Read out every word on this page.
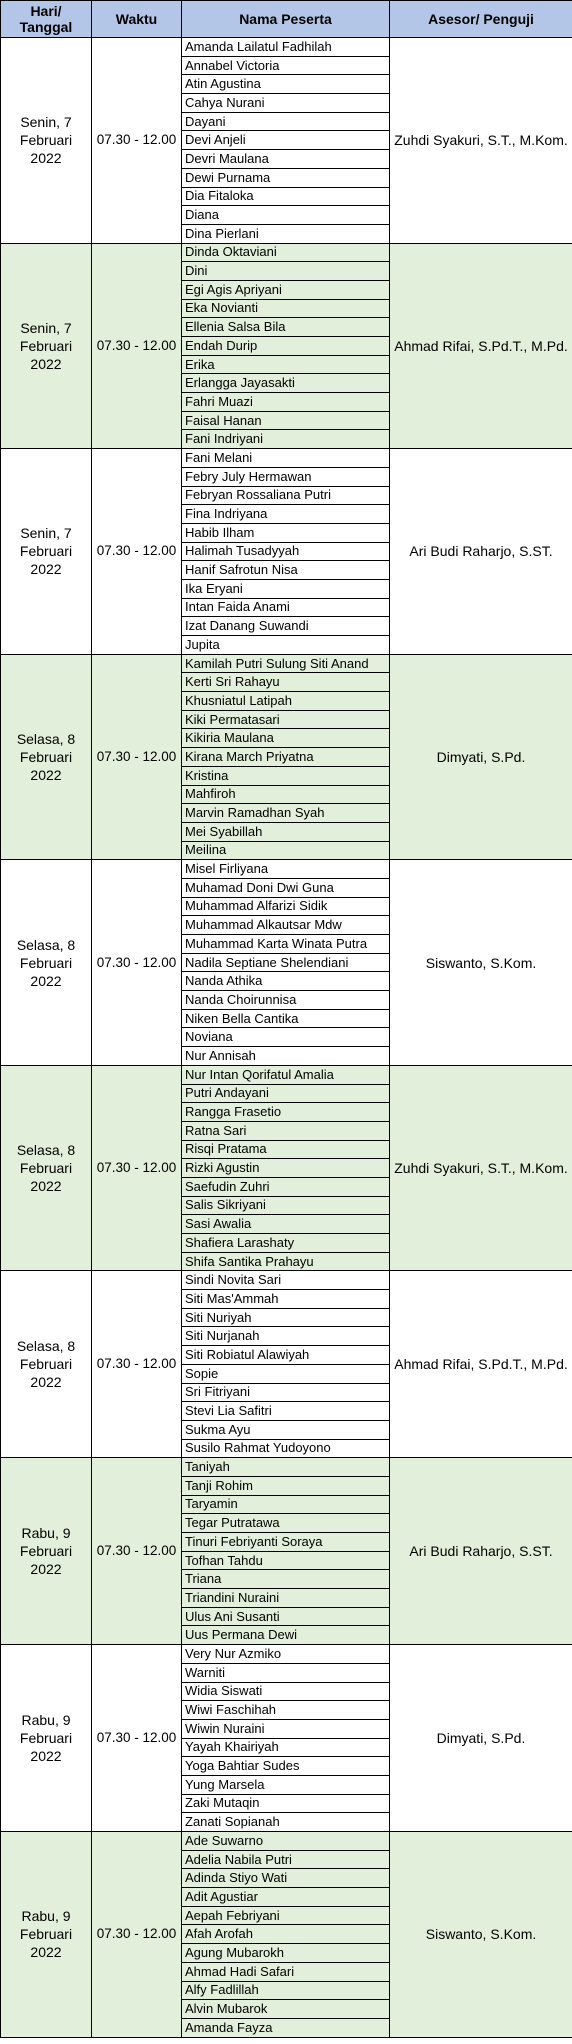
Hari/ Tanggal	Waktu	Nama Peserta	Asesor/ Penguji
Senin, 7 Februari 2022	07.30 - 12.00	Amanda Lailatul Fadhilah	Zuhdi Syakuri, S.T., M.Kom.
		Annabel Victoria	
		Atin Agustina	
		Cahya Nurani	
		Dayani	
		Devi Anjeli	
		Devri Maulana	
		Dewi Purnama	
		Dia Fitaloka	
		Diana	
		Dina Pierlani	
Senin, 7 Februari 2022	07.30 - 12.00	Dinda Oktaviani	Ahmad Rifai, S.Pd.T., M.Pd.
		Dini	
		Egi Agis Apriyani	
		Eka Novianti	
		Ellenia Salsa Bila	
		Endah Durip	
		Erika	
		Erlangga Jayasakti	
		Fahri Muazi	
		Faisal Hanan	
		Fani Indriyani	
Senin, 7 Februari 2022	07.30 - 12.00	Fani Melani	Ari Budi Raharjo, S.ST.
		Febry July Hermawan	
		Febryan Rossaliana Putri	
		Fina Indriyana	
		Habib Ilham	
		Halimah Tusadyyah	
		Hanif Safrotun Nisa	
		Ika Eryani	
		Intan Faida Anami	
		Izat Danang Suwandi	
		Jupita	
Selasa, 8 Februari 2022	07.30 - 12.00	Kamilah Putri Sulung Siti Anand	Dimyati, S.Pd.
		Kerti Sri Rahayu	
		Khusniatul Latipah	
		Kiki Permatasari	
		Kikiria Maulana	
		Kirana March Priyatna	
		Kristina	
		Mahfiroh	
		Marvin Ramadhan Syah	
		Mei Syabillah	
		Meilina	
Selasa, 8 Februari 2022	07.30 - 12.00	Misel Firliyana	Siswanto, S.Kom.
		Muhamad Doni Dwi Guna	
		Muhammad Alfarizi Sidik	
		Muhammad Alkautsar Mdw	
		Muhammad Karta Winata Putra	
		Nadila Septiane Shelendiani	
		Nanda Athika	
		Nanda Choirunnisa	
		Niken Bella Cantika	
		Noviana	
		Nur Annisah	
Selasa, 8 Februari 2022	07.30 - 12.00	Nur Intan Qorifatul Amalia	Zuhdi Syakuri, S.T., M.Kom.
		Putri Andayani	
		Rangga Frasetio	
		Ratna Sari	
		Risqi Pratama	
		Rizki Agustin	
		Saefudin Zuhri	
		Salis Sikriyani	
		Sasi Awalia	
		Shafiera Larashaty	
		Shifa Santika Prahayu	
Selasa, 8 Februari 2022	07.30 - 12.00	Sindi Novita Sari	Ahmad Rifai, S.Pd.T., M.Pd.
		Siti Mas'Ammah	
		Siti Nuriyah	
		Siti Nurjanah	
		Siti Robiatul Alawiyah	
		Sopie	
		Sri Fitriyani	
		Stevi Lia Safitri	
		Sukma Ayu	
		Susilo Rahmat Yudoyono	
Rabu, 9 Februari 2022	07.30 - 12.00	Taniyah	Ari Budi Raharjo, S.ST.
		Tanji Rohim	
		Taryamin	
		Tegar Putratawa	
		Tinuri Febriyanti Soraya	
		Tofhan Tahdu	
		Triana	
		Triandini Nuraini	
		Ulus Ani Susanti	
		Uus Permana Dewi	
Rabu, 9 Februari 2022	07.30 - 12.00	Very Nur Azmiko	Dimyati, S.Pd.
		Warniti	
		Widia Siswati	
		Wiwi Faschihah	
		Wiwin Nuraini	
		Yayah Khairiyah	
		Yoga Bahtiar Sudes	
		Yung Marsela	
		Zaki Mutaqin	
		Zanati Sopianah	
Rabu, 9 Februari 2022	07.30 - 12.00	Ade Suwarno	Siswanto, S.Kom.
		Adelia Nabila Putri	
		Adinda Stiyo Wati	
		Adit Agustiar	
		Aepah Febriyani	
		Afah Arofah	
		Agung Mubarokh	
		Ahmad Hadi Safari	
		Alfy Fadlillah	
		Alvin Mubarok	
		Amanda Fayza	
